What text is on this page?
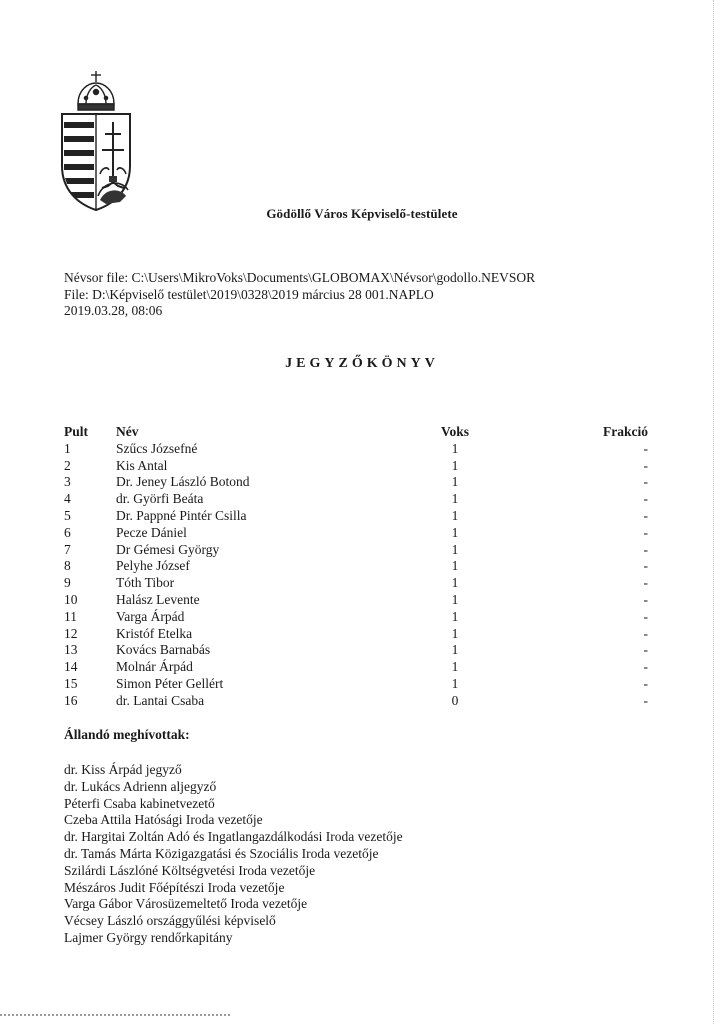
Gödöllő Város Képviselő-testülete
Névsor file: C:\Users\MikroVoks\Documents\GLOBOMAX\Névsor\godollo.NEVSOR
File: D:\Képviselő testület\2019\0328\2019 március 28 001.NAPLO
2019.03.28, 08:06
JEGYZŐKÖNYV
Pult	Név	Voks	Frakció
1	Szűcs Józsefné	1	-
2	Kis Antal	1	-
3	Dr. Jeney László Botond	1	-
4	dr. Györfi Beáta	1	-
5	Dr. Pappné Pintér Csilla	1	-
6	Pecze Dániel	1	-
7	Dr Gémesi György	1	-
8	Pelyhe József	1	-
9	Tóth Tibor	1	-
10	Halász Levente	1	-
11	Varga Árpád	1	-
12	Kristóf Etelka	1	-
13	Kovács Barnabás	1	-
14	Molnár Árpád	1	-
15	Simon Péter Gellért	1	-
16	dr. Lantai Csaba	0	-
Állandó meghívottak:
dr. Kiss Árpád jegyző
dr. Lukács Adrienn aljegyző
Péterfi Csaba kabinetvezető
Czeba Attila Hatósági Iroda vezetője
dr. Hargitai Zoltán Adó és Ingatlangazdálkodási Iroda vezetője
dr. Tamás Márta Közigazgatási és Szociális Iroda vezetője
Szilárdi Lászlóné Költségvetési Iroda vezetője
Mészáros Judit Főépítészi Iroda vezetője
Varga Gábor Városüzemeltető Iroda vezetője
Vécsey László országgyűlési képviselő
Lajmer György rendőrkapitány
